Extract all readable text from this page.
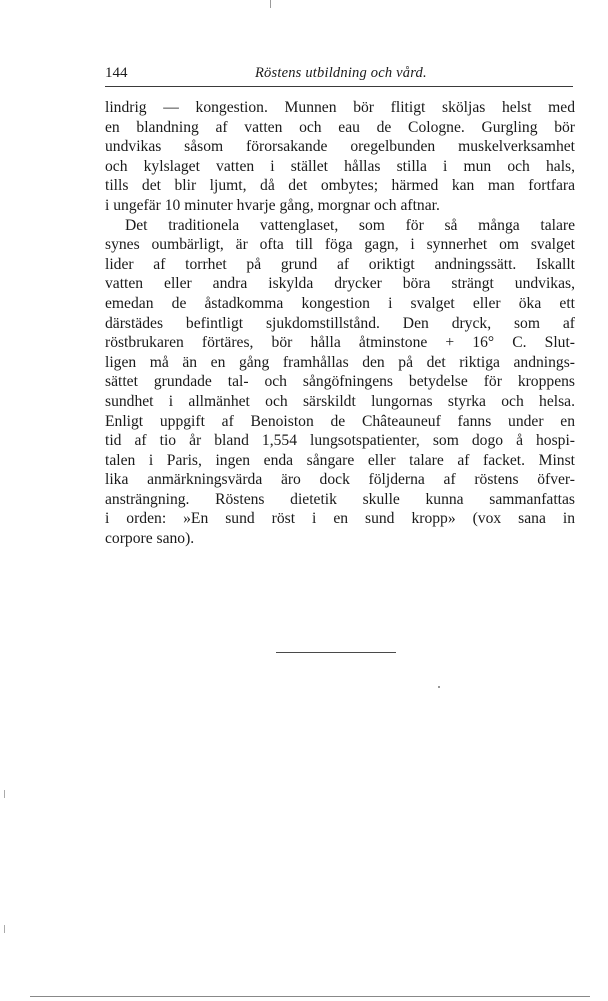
144	Röstens utbildning och vård.
lindrig — kongestion. Munnen bör flitigt sköljas helst med
en blandning af vatten och eau de Cologne. Gurgling bör
undvikas såsom förorsakande oregelbunden muskelverksamhet
och kylslaget vatten i stället hållas stilla i mun och hals,
tills det blir ljumt, då det ombytes; härmed kan man fortfara
i ungefär 10 minuter hvarje gång, morgnar och aftnar.
Det traditionela vattenglaset, som för så många talare
synes oumbärligt, är ofta till föga gagn, i synnerhet om svalget
lider af torrhet på grund af oriktigt andningssätt. Iskallt
vatten eller andra iskylda drycker böra strängt undvikas,
emedan de åstadkomma kongestion i svalget eller öka ett
därstädes befintligt sjukdomstillstånd. Den dryck, som af
röstbrukaren förtäres, bör hålla åtminstone + 16° C. Slut-
ligen må än en gång framhållas den på det riktiga andnings-
sättet grundade tal- och sångöfningens betydelse för kroppens
sundhet i allmänhet och särskildt lungornas styrka och helsa.
Enligt uppgift af Benoiston de Châteauneuf fanns under en
tid af tio år bland 1,554 lungsotspatienter, som dogo å hospi-
talen i Paris, ingen enda sångare eller talare af facket. Minst
lika anmärkningsvärda äro dock följderna af röstens öfver-
ansträngning. Röstens dietetik skulle kunna sammanfattas
i orden: »En sund röst i en sund kropp» (vox sana in
corpore sano).
